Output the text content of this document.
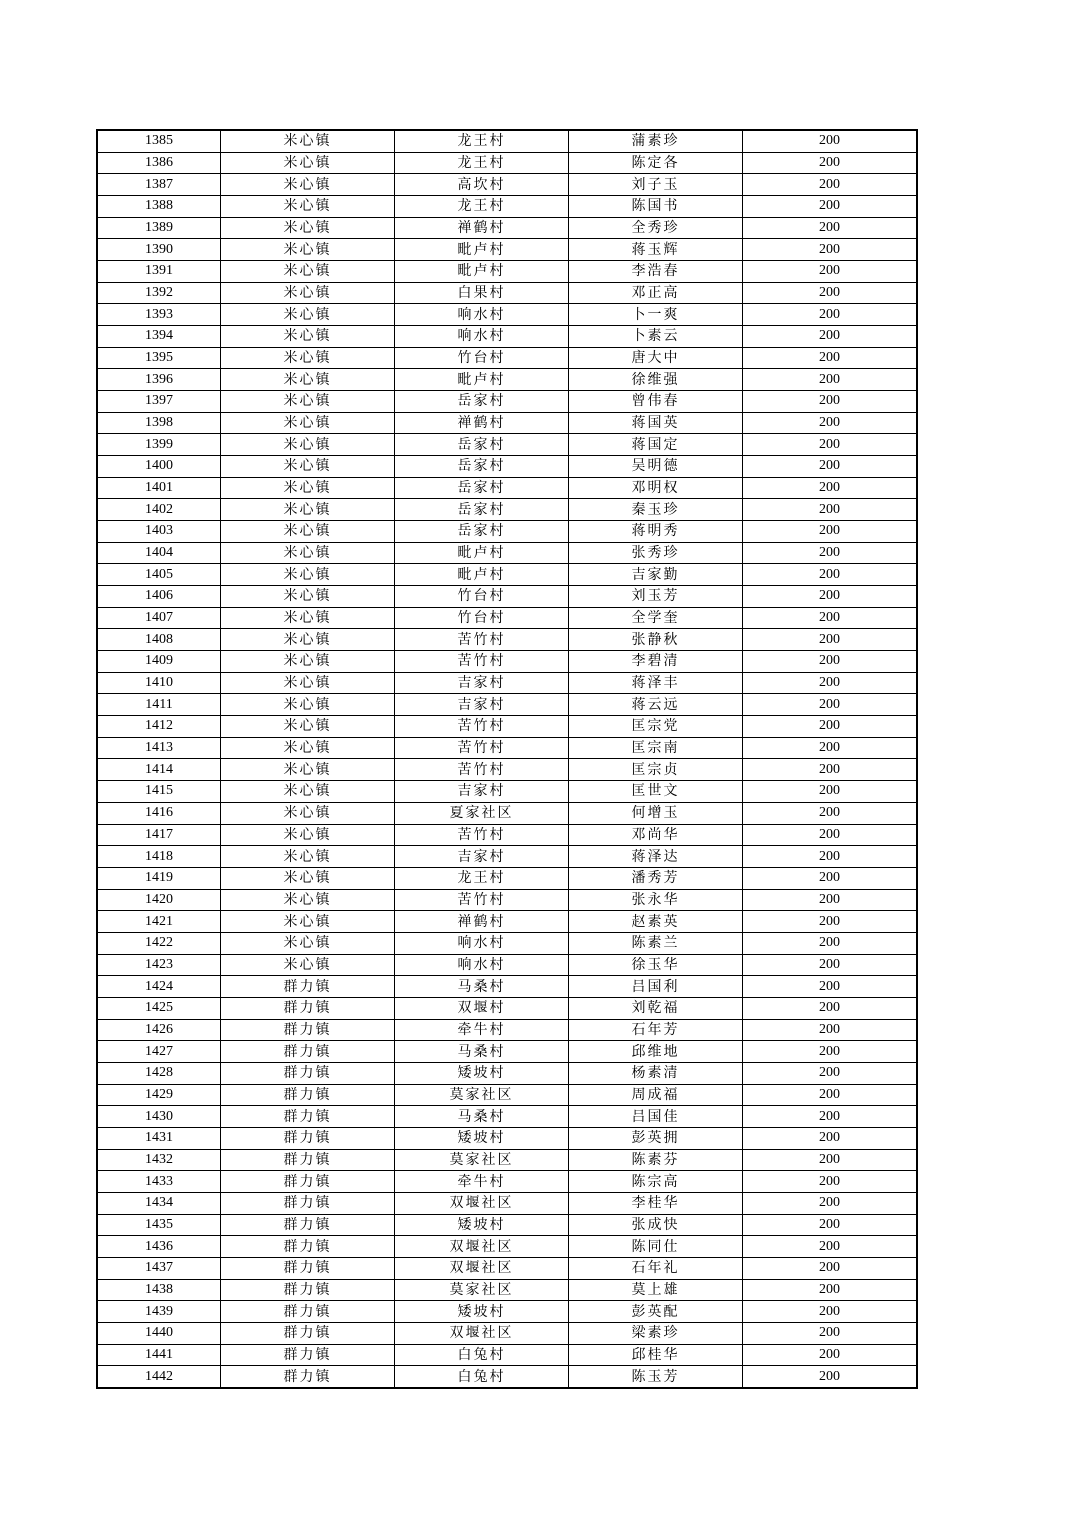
1385	米心镇	龙王村	蒲素珍	200
1386	米心镇	龙王村	陈定各	200
1387	米心镇	高坎村	刘子玉	200
1388	米心镇	龙王村	陈国书	200
1389	米心镇	禅鹤村	全秀珍	200
1390	米心镇	毗卢村	蒋玉辉	200
1391	米心镇	毗卢村	李浩春	200
1392	米心镇	白果村	邓正高	200
1393	米心镇	响水村	卜一爽	200
1394	米心镇	响水村	卜素云	200
1395	米心镇	竹台村	唐大中	200
1396	米心镇	毗卢村	徐维强	200
1397	米心镇	岳家村	曾伟春	200
1398	米心镇	禅鹤村	蒋国英	200
1399	米心镇	岳家村	蒋国定	200
1400	米心镇	岳家村	吴明德	200
1401	米心镇	岳家村	邓明权	200
1402	米心镇	岳家村	秦玉珍	200
1403	米心镇	岳家村	蒋明秀	200
1404	米心镇	毗卢村	张秀珍	200
1405	米心镇	毗卢村	吉家勤	200
1406	米心镇	竹台村	刘玉芳	200
1407	米心镇	竹台村	全学奎	200
1408	米心镇	苦竹村	张静秋	200
1409	米心镇	苦竹村	李碧清	200
1410	米心镇	吉家村	蒋泽丰	200
1411	米心镇	吉家村	蒋云远	200
1412	米心镇	苦竹村	匡宗党	200
1413	米心镇	苦竹村	匡宗南	200
1414	米心镇	苦竹村	匡宗贞	200
1415	米心镇	吉家村	匡世文	200
1416	米心镇	夏家社区	何增玉	200
1417	米心镇	苦竹村	邓尚华	200
1418	米心镇	吉家村	蒋泽达	200
1419	米心镇	龙王村	潘秀芳	200
1420	米心镇	苦竹村	张永华	200
1421	米心镇	禅鹤村	赵素英	200
1422	米心镇	响水村	陈素兰	200
1423	米心镇	响水村	徐玉华	200
1424	群力镇	马桑村	吕国利	200
1425	群力镇	双堰村	刘乾福	200
1426	群力镇	牵牛村	石年芳	200
1427	群力镇	马桑村	邱维地	200
1428	群力镇	矮坡村	杨素清	200
1429	群力镇	莫家社区	周成福	200
1430	群力镇	马桑村	吕国佳	200
1431	群力镇	矮坡村	彭英拥	200
1432	群力镇	莫家社区	陈素芬	200
1433	群力镇	牵牛村	陈宗高	200
1434	群力镇	双堰社区	李桂华	200
1435	群力镇	矮坡村	张成快	200
1436	群力镇	双堰社区	陈同仕	200
1437	群力镇	双堰社区	石年礼	200
1438	群力镇	莫家社区	莫上雄	200
1439	群力镇	矮坡村	彭英配	200
1440	群力镇	双堰社区	梁素珍	200
1441	群力镇	白兔村	邱桂华	200
1442	群力镇	白兔村	陈玉芳	200
